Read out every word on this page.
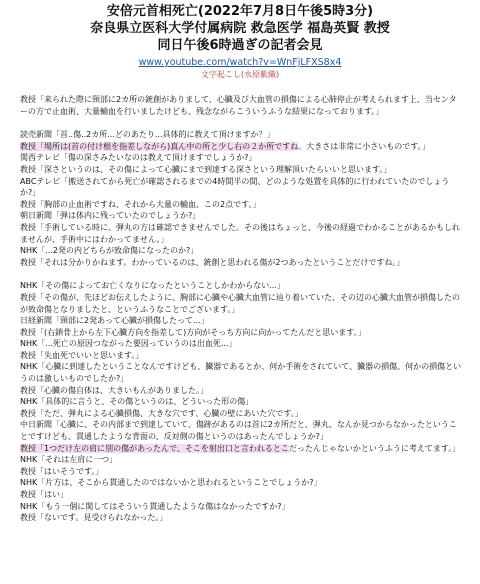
安倍元首相死亡(2022年7月8日午後5時3分)
奈良県立医科大学付属病院 救急医学 福島英賢 教授
同日午後6時過ぎの記者会見
www.youtube.com/watch?v=WnFjLFXS8x4
文字起こし(水原紫織)

教授「来られた際に頸部に2カ所の銃創がありまして、心臓及び大血管の損傷による心肺停止が考えられます上、当センターの方で止血術、大量輸血を行いましたけども、残念ながらこういうふうな結果になっております。」

読売新聞「首..傷..2カ所...どのあたり...具体的に教えて頂けますか？」

教授「場所は(首の付け根を指差しながら)真ん中の所と少し右の２か所ですね。大きさは非常に小さいものです。」

関西テレビ「傷の深さみたいなのは教えて頂けますでしょうか?」

教授「深さというのは、その傷によって心臓にまで到達する深さという理解頂いたらいいと思います。」

ABCテレビ「搬送されてから死亡が確認されるまでの4時間半の間、どのような処置を具体的に行われていたのでしょうか?」

教授「胸部の止血術ですね、それから大量の輸血、この2点です。」

朝日新聞「弾は体内に残っていたのでしょうか?」

教授「手術している時に、弾丸の方は確認できませんでした。その後はちょっと、今後の経過でわかることがあるかもしれませんが、手術中にはわかってません。」

NHK「...2発の内どちらが致命傷になったのか?」

教授「それは分かりかねます。わかっているのは、銃創と思われる傷が2つあったということだけですね。」

NHK「その傷によってお亡くなりになったということしかわからない...」

教授「その傷が、先ほどお伝えしたように、胸部に心臓や心臓大血管に辿り着いていた、その辺の心臓大血管が損傷したのが致命傷となりましたと、というふうなことでございます。」

日経新聞「頸部に2発あって心臓が損傷したって...」

教授「(右鎖骨上から左下心臓方向を指差して)方向がそっち方向に向かってたんだと思います。」

NHK「...死亡の原因つながった要因っていうのは出血死...」

教授「失血死でいいと思います。」

NHK「心臓に到達したということなんですけども、臓器であるとか、何か手術をされていて、臓器の損傷、何かの損傷というのは激しいものでしたか?」

教授「心臓の傷自体は、大きいもんがありました。」

NHK「具体的に言うと、その傷というのは、どういった形の傷」

教授「ただ、弾丸による心臓損傷、大きな穴です、心臓の壁にあいた穴です。」

中日新聞「心臓に、その内部まで到達していて、傷跡があるのは首に2カ所だと、弾丸、なんか見つからなかったということですけども、貫通したような背面の、反対側の傷というのはあったんでしょうか?」

教授「1つだけ左の肩に別の傷があったんで、そこを射出口と言われるとこだったんじゃないかというふうに考えてます。」

NHK「それは左肩に一つ」

教授「はいそうです。」

NHK「片方は、そこから貫通したのではないかと思われるということでしょうか?」

教授「はい」

NHK「もう一個に関してはそういう貫通したような傷はなかったですか?」

教授「ないです。見受けられなかった。」
